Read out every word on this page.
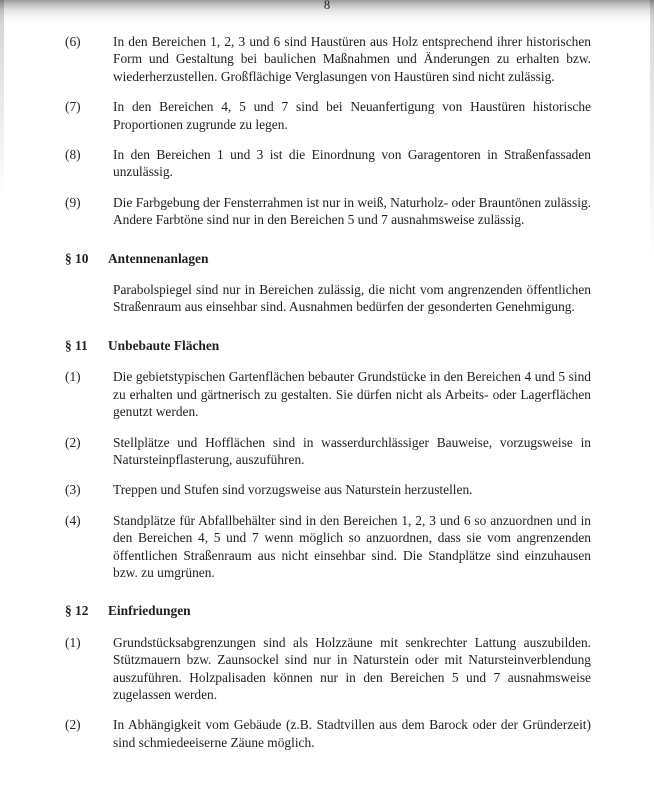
8
(6) In den Bereichen 1, 2, 3 und 6 sind Haustüren aus Holz entsprechend ihrer historischen Form und Gestaltung bei baulichen Maßnahmen und Änderungen zu erhalten bzw. wiederherzustellen. Großflächige Verglasungen von Haustüren sind nicht zulässig.
(7) In den Bereichen 4, 5 und 7 sind bei Neuanfertigung von Haustüren historische Proportionen zugrunde zu legen.
(8) In den Bereichen 1 und 3 ist die Einordnung von Garagentoren in Straßenfassaden unzulässig.
(9) Die Farbgebung der Fensterrahmen ist nur in weiß, Naturholz- oder Brauntönen zulässig. Andere Farbtöne sind nur in den Bereichen 5 und 7 ausnahmsweise zulässig.
§ 10 Antennenanlagen

Parabolspiegel sind nur in Bereichen zulässig, die nicht vom angrenzenden öffentlichen Straßenraum aus einsehbar sind. Ausnahmen bedürfen der gesonderten Genehmigung.

§ 11 Unbebaute Flächen
(1) Die gebietstypischen Gartenflächen bebauter Grundstücke in den Bereichen 4 und 5 sind zu erhalten und gärtnerisch zu gestalten. Sie dürfen nicht als Arbeits- oder Lagerflächen genutzt werden.
(2) Stellplätze und Hofflächen sind in wasserdurchlässiger Bauweise, vorzugsweise in Natursteinpflasterung, auszuführen.
(3) Treppen und Stufen sind vorzugsweise aus Naturstein herzustellen.
(4) Standplätze für Abfallbehälter sind in den Bereichen 1, 2, 3 und 6 so anzuordnen und in den Bereichen 4, 5 und 7 wenn möglich so anzuordnen, dass sie vom angrenzenden öffentlichen Straßenraum aus nicht einsehbar sind. Die Standplätze sind einzuhausen bzw. zu umgrünen.
§ 12 Einfriedungen
(1) Grundstücksabgrenzungen sind als Holzzäune mit senkrechter Lattung auszubilden. Stützmauern bzw. Zaunsockel sind nur in Naturstein oder mit Natursteinverblendung auszuführen. Holzpalisaden können nur in den Bereichen 5 und 7 ausnahmsweise zugelassen werden.
(2) In Abhängigkeit vom Gebäude (z.B. Stadtvillen aus dem Barock oder der Gründerzeit) sind schmiedeeiserne Zäune möglich.
